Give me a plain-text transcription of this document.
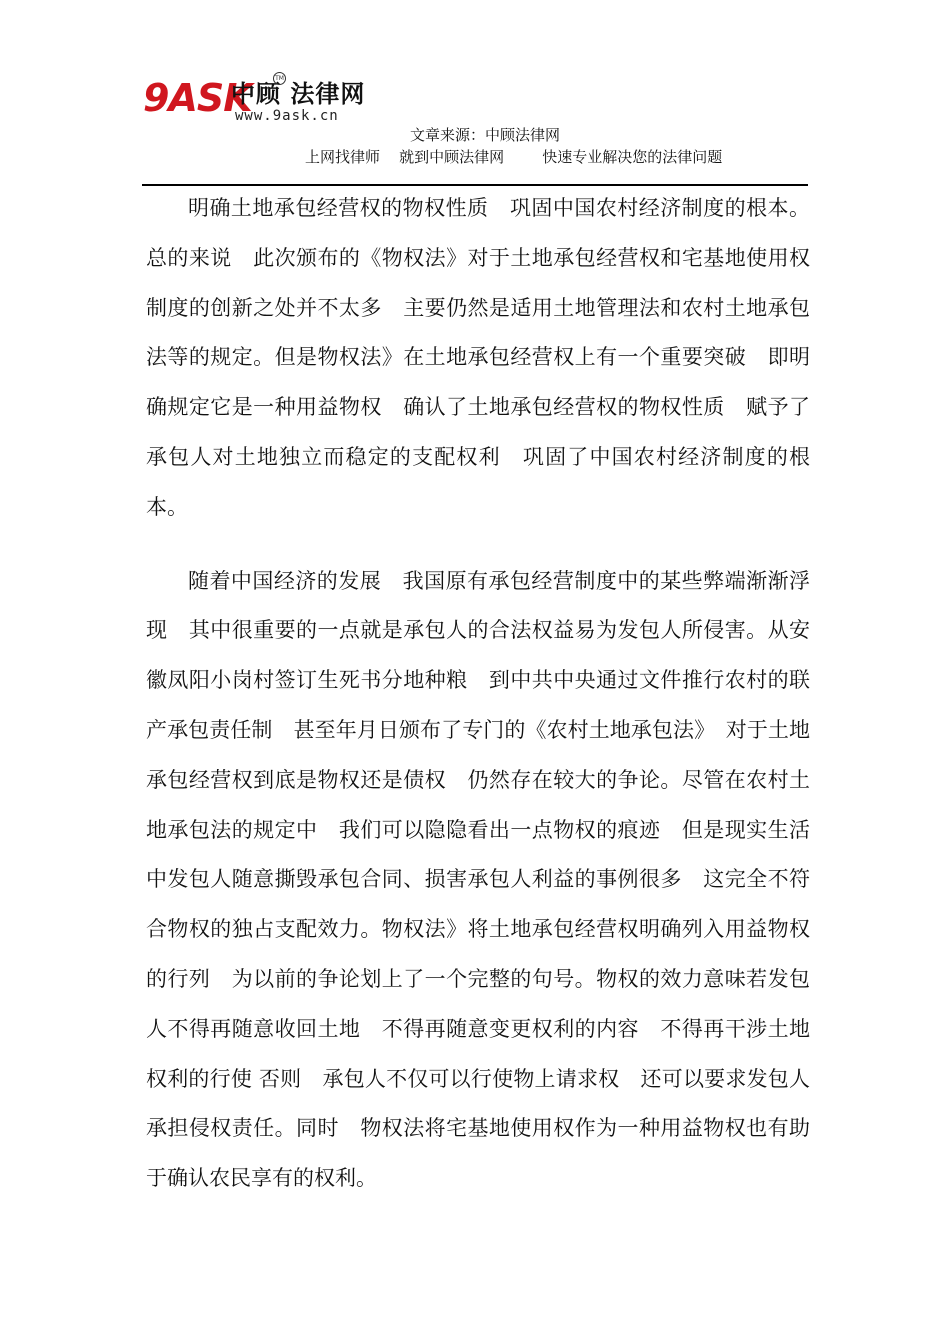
9ASK
中顾 法律网
TM
www.9ask.cn
文章来源：中顾法律网
上网找律师    就到中顾法律网        快速专业解决您的法律问题

明确土地承包经营权的物权性质　巩固中国农村经济制度的根本。总的来说　此次颁布的《物权法》对于土地承包经营权和宅基地使用权制度的创新之处并不太多　主要仍然是适用土地管理法和农村土地承包法等的规定。但是物权法》在土地承包经营权上有一个重要突破　即明确规定它是一种用益物权　确认了土地承包经营权的物权性质　赋予了承包人对土地独立而稳定的支配权利　巩固了中国农村经济制度的根本。

随着中国经济的发展　我国原有承包经营制度中的某些弊端渐渐浮现　其中很重要的一点就是承包人的合法权益易为发包人所侵害。从安徽凤阳小岗村签订生死书分地种粮　到中共中央通过文件推行农村的联产承包责任制　甚至年月日颁布了专门的《农村土地承包法》　对于土地承包经营权到底是物权还是债权　仍然存在较大的争论。尽管在农村土地承包法的规定中　我们可以隐隐看出一点物权的痕迹　但是现实生活中发包人随意撕毁承包合同、损害承包人利益的事例很多　这完全不符合物权的独占支配效力。物权法》将土地承包经营权明确列入用益物权的行列　为以前的争论划上了一个完整的句号。物权的效力意味若发包人不得再随意收回土地　不得再随意变更权利的内容　不得再干涉土地权利的行使 否则　承包人不仅可以行使物上请求权　还可以要求发包人承担侵权责任。同时　物权法将宅基地使用权作为一种用益物权也有助于确认农民享有的权利。
